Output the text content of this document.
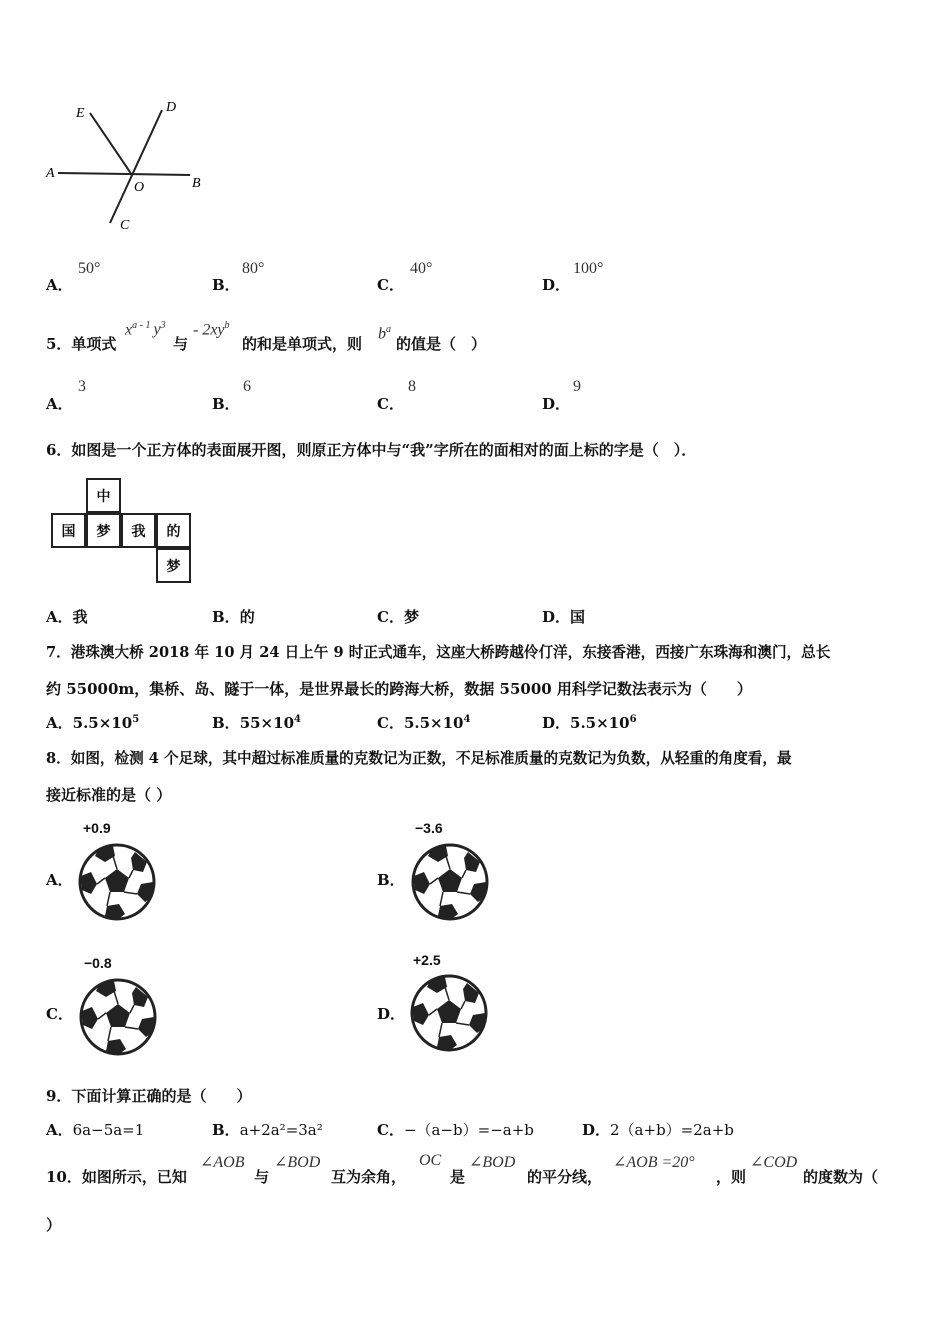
E	D
A
O	B
C
A．
50°
B．
80°
C．
40°
D．
100°
5．单项式
$x^{a - 1}$ $y^3$
与
- $2xy^b$
的和是单项式，则
$b^a$
的值是（　）
A．
3
B．
6
C．
8
D．
9
6．如图是一个正方体的表面展开图，则原正方体中与“我”字所在的面相对的面上标的字是（　）．
中
国	梦	我	的
梦
A．我	B．的	C．梦	D．国
7．港珠澳大桥 2018 年 10 月 24 日上午 9 时正式通车，这座大桥跨越伶仃洋，东接香港，西接广东珠海和澳门，总长
约 55000m，集桥、岛、隧于一体，是世界最长的跨海大桥，数据 55000 用科学记数法表示为（　　）
A．$5.5\times 10^5$	B．$55\times 10^4$	C．$5.5\times 10^4$	D．$5.5\times 10^6$
8．如图，检测 4 个足球，其中超过标准质量的克数记为正数，不足标准质量的克数记为负数，从轻重的角度看，最
接近标准的是（ ）
A．
+0.9
B．
−3.6
C．
−0.8
D．
+2.5
9．下面计算正确的是（　　）
A．6a−5a=1	B．a+2a²=3a²	C．−（a−b）=−a+b	D．2（a+b）=2a+b
10．如图所示，已知
∠AOB
与
∠BOD
互为余角，
OC
是
∠BOD
的平分线，
∠AOB =20°
，则
∠COD
的度数为（
）
